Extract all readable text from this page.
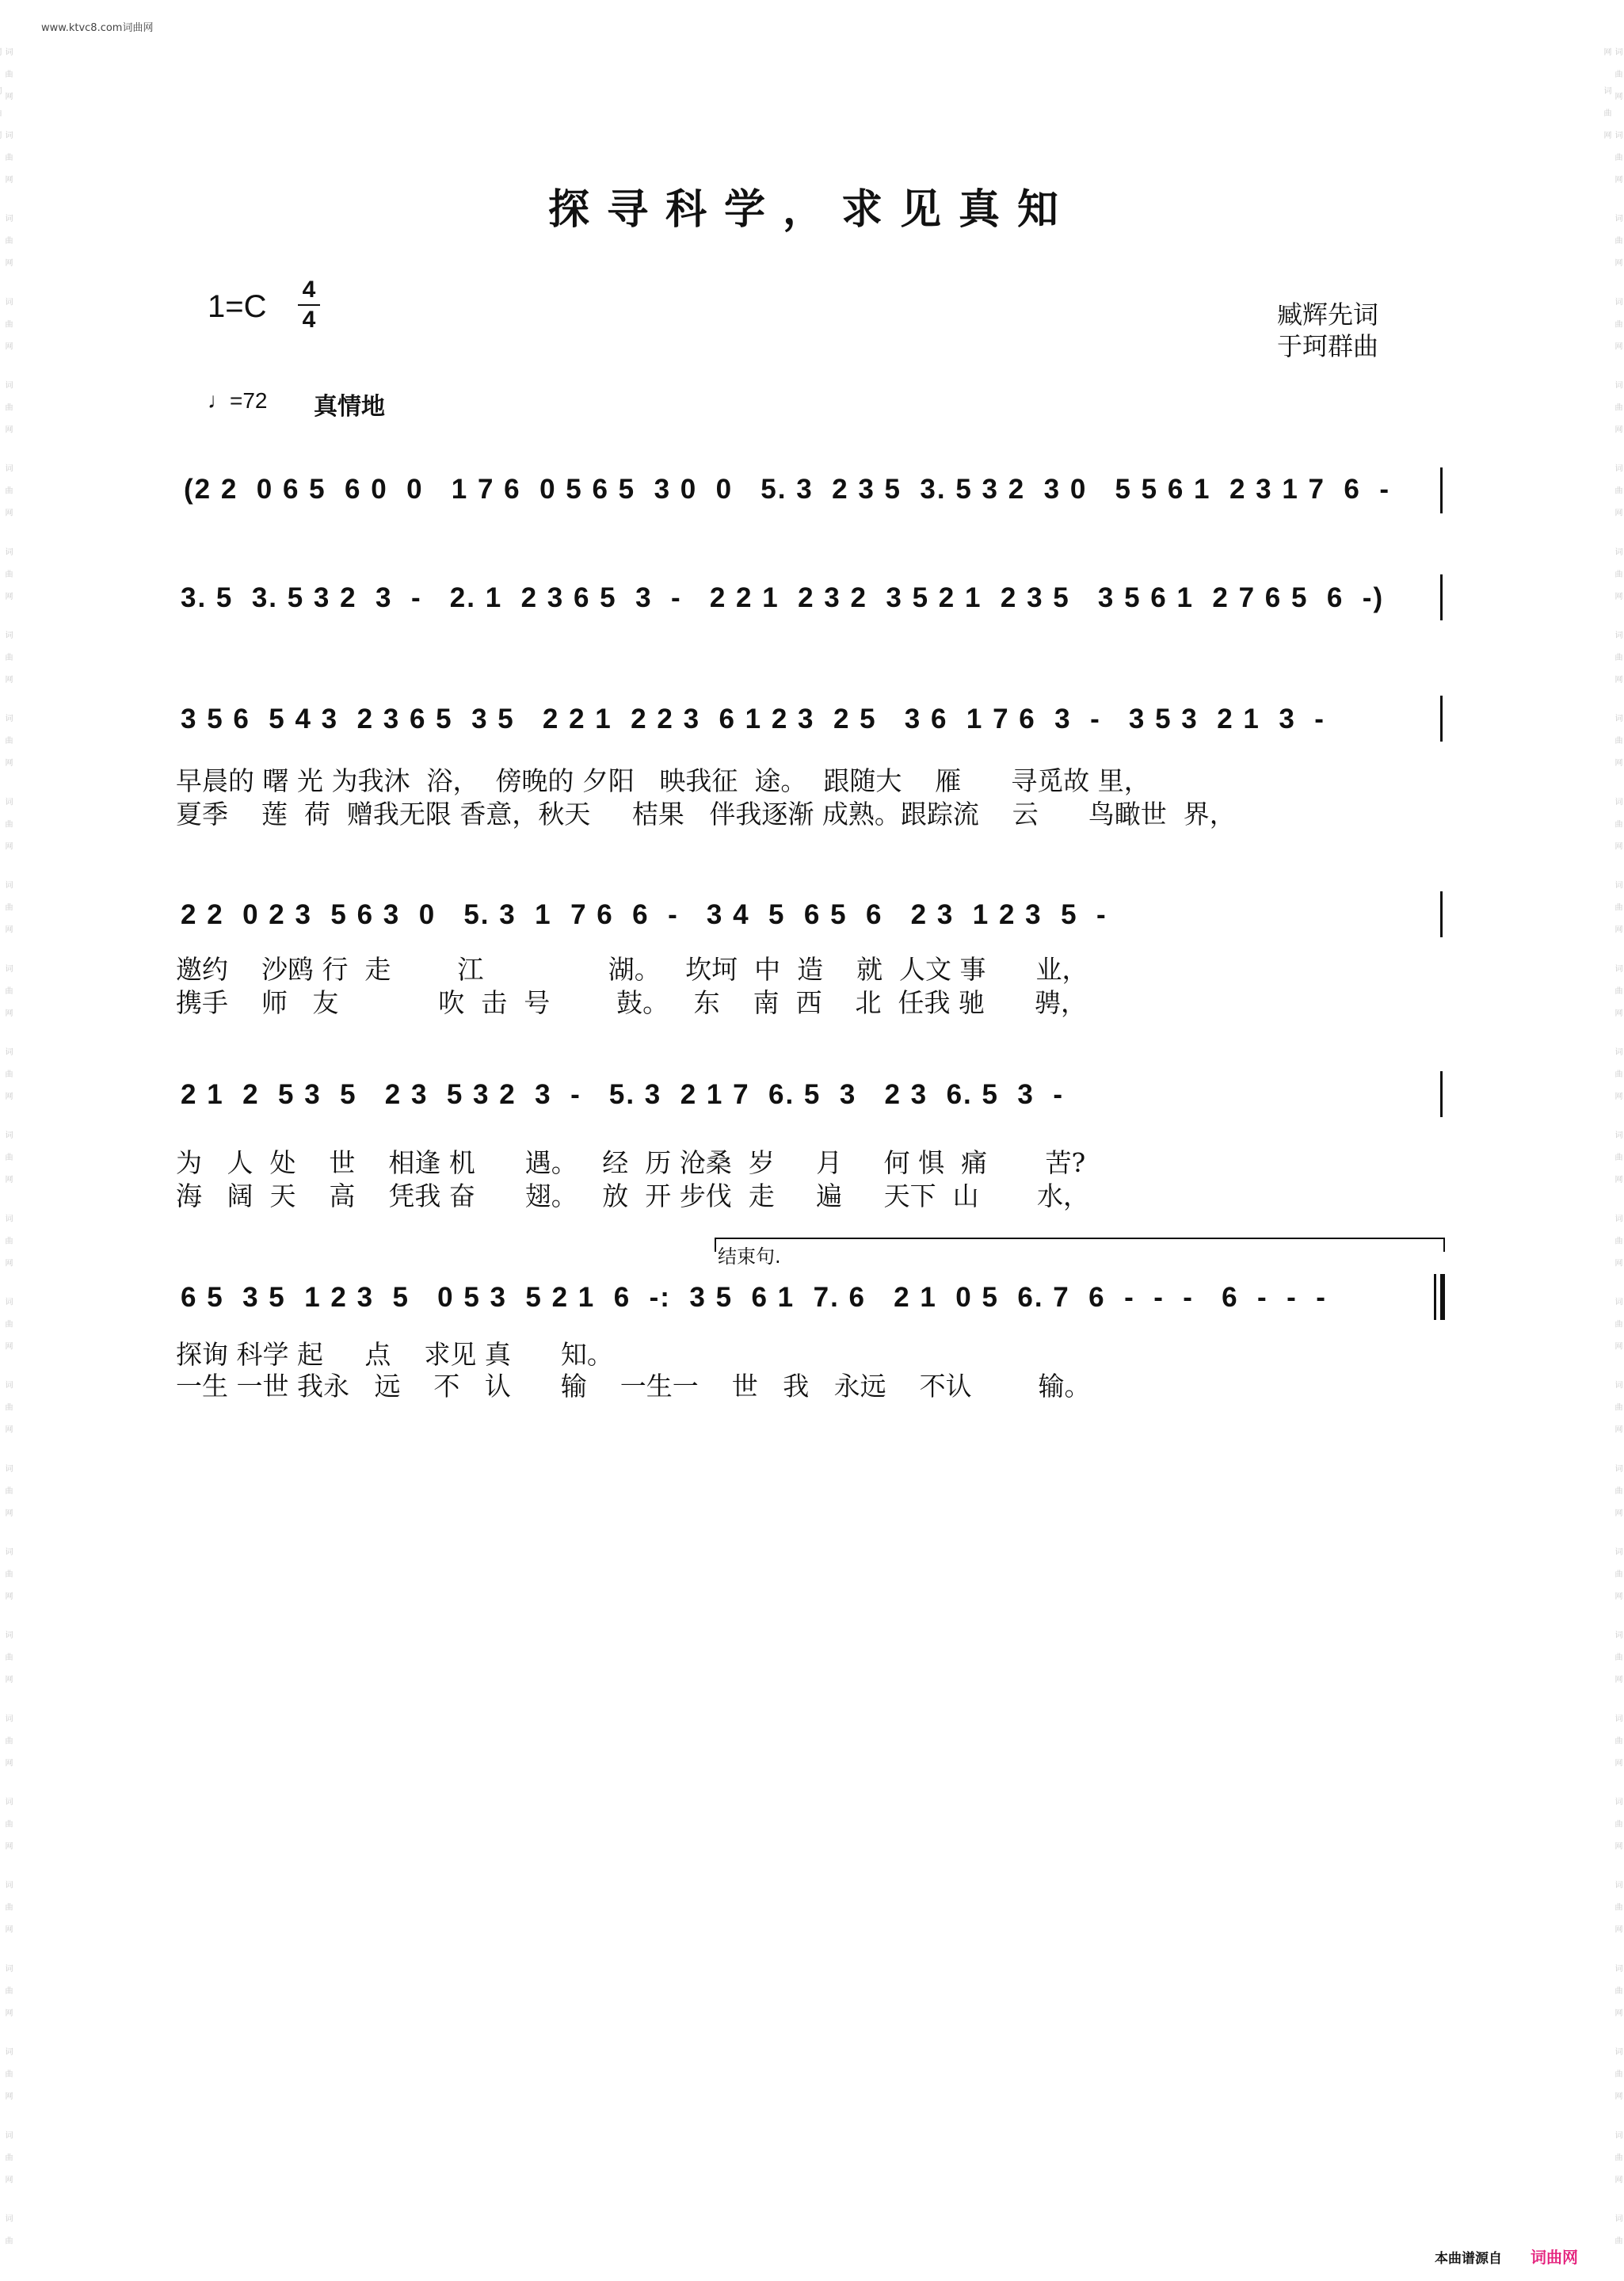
www.ktvc8.com词曲网
词曲网 词曲网 词曲网 词曲网 词曲网 词曲网 词曲网 词曲网 词曲网 词曲网 词曲网 词曲网 词曲网 词曲网 词曲网 词曲网 词曲网 词曲网 词曲网 词曲网 词曲网 词曲网 词曲网 词曲网 词曲网 词曲网 词曲	词曲网 词曲网 词曲网 词曲网 词曲网 词曲网 词曲网 词曲网 词曲网 词曲网 词曲网 词曲网 词曲网 词曲网 词曲网 词曲网 词曲网 词曲网 词曲网 词曲网 词曲网 词曲网 词曲网 词曲网 词曲网 词曲网 词曲网 词曲网
探寻科学，求见真知
1=C 4
4	臧辉先词
于珂群曲
♩=72 真情地
(2 2  0 6 5  6 0  0   1 7 6  0 5 6 5  3 0  0   5. 3  2 3 5  3. 5 3 2  3 0   5 5 6 1  2 3 1 7  6  -
3. 5  3. 5 3 2  3  -   2. 1  2 3 6 5  3  -   2 2 1  2 3 2  3 5 2 1  2 3 5   3 5 6 1  2 7 6 5  6  -)
3 5 6  5 4 3  2 3 6 5  3 5   2 2 1  2 2 3  6 1 2 3  2 5   3 6  1 7 6  3  -   3 5 3  2 1  3  -
早晨的 曙 光 为我沐  浴，  傍晚的 夕阳   映我征  途。  跟随大    雁      寻觅故 里，
夏季    莲  荷  赠我无限 香意，秋天     桔果   伴我逐渐 成熟。跟踪流    云      鸟瞰世  界，
2 2  0 2 3  5 6 3  0   5. 3  1  7 6  6  -   3 4  5  6 5  6   2 3  1 2 3  5  -
邀约    沙鸥 行  走        江               湖。   坎坷  中  造    就  人文 事      业，
携手    师   友            吹  击  号        鼓。   东    南  西    北  任我 驰      骋，
2 1  2  5 3  5   2 3  5 3 2  3  -   5. 3  2 1 7  6. 5  3   2 3  6. 5  3  -
为   人  处    世    相逢 机      遇。   经  历 沧桑  岁     月     何 惧  痛       苦?
海   阔  天    高    凭我 奋      翅。   放  开 步伐  走     遍     天下  山       水，
结束句.
6 5  3 5  1 2 3  5   0 5 3  5 2 1  6  -:  3 5  6 1  7. 6   2 1  0 5  6. 7  6  -  -  -   6  -  -  -
探询 科学 起     点    求见 真      知。
一生 一世 我永   远    不   认      输    一生一    世   我   永远    不认        输。
本曲谱源自 词曲网
